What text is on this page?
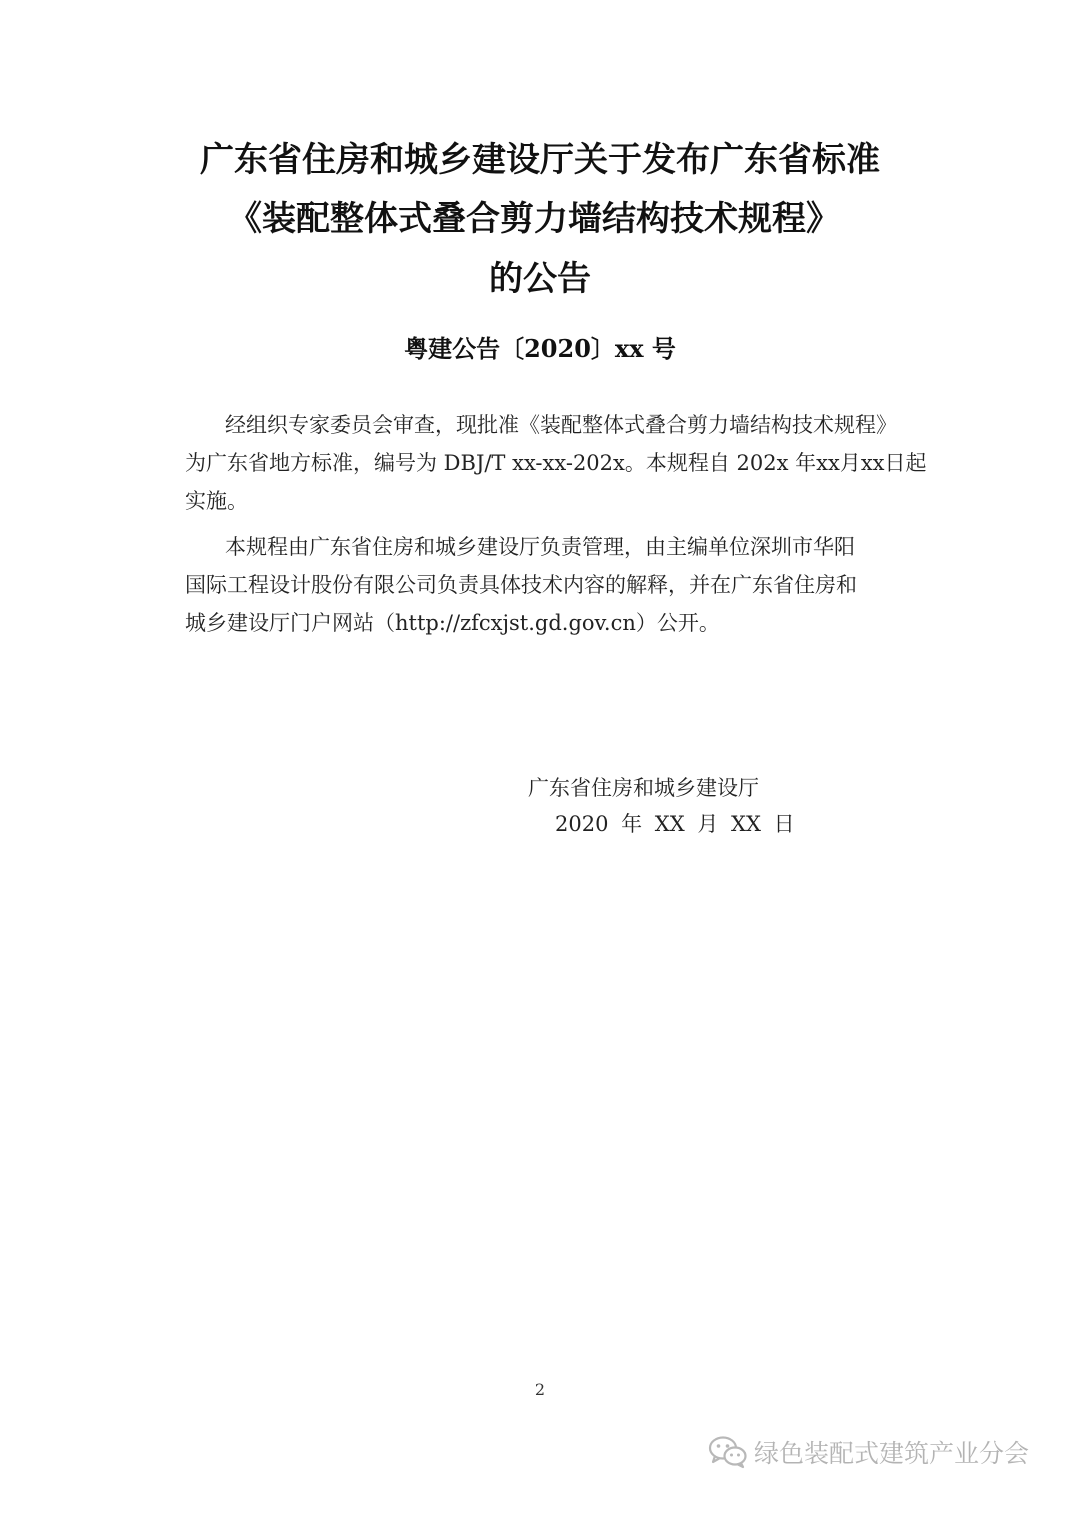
广东省住房和城乡建设厅关于发布广东省标准
《装配整体式叠合剪力墙结构技术规程》
的公告
粤建公告〔2020〕xx 号
经组织专家委员会审查，现批准《装配整体式叠合剪力墙结构技术规程》
为广东省地方标准，编号为 DBJ/T xx-xx-202x。本规程自 202x 年xx月xx日起
实施。
本规程由广东省住房和城乡建设厅负责管理，由主编单位深圳市华阳
国际工程设计股份有限公司负责具体技术内容的解释，并在广东省住房和
城乡建设厅门户网站（http://zfcxjst.gd.gov.cn）公开。
广东省住房和城乡建设厅
2020 年 XX 月 XX 日
2
绿色装配式建筑产业分会
